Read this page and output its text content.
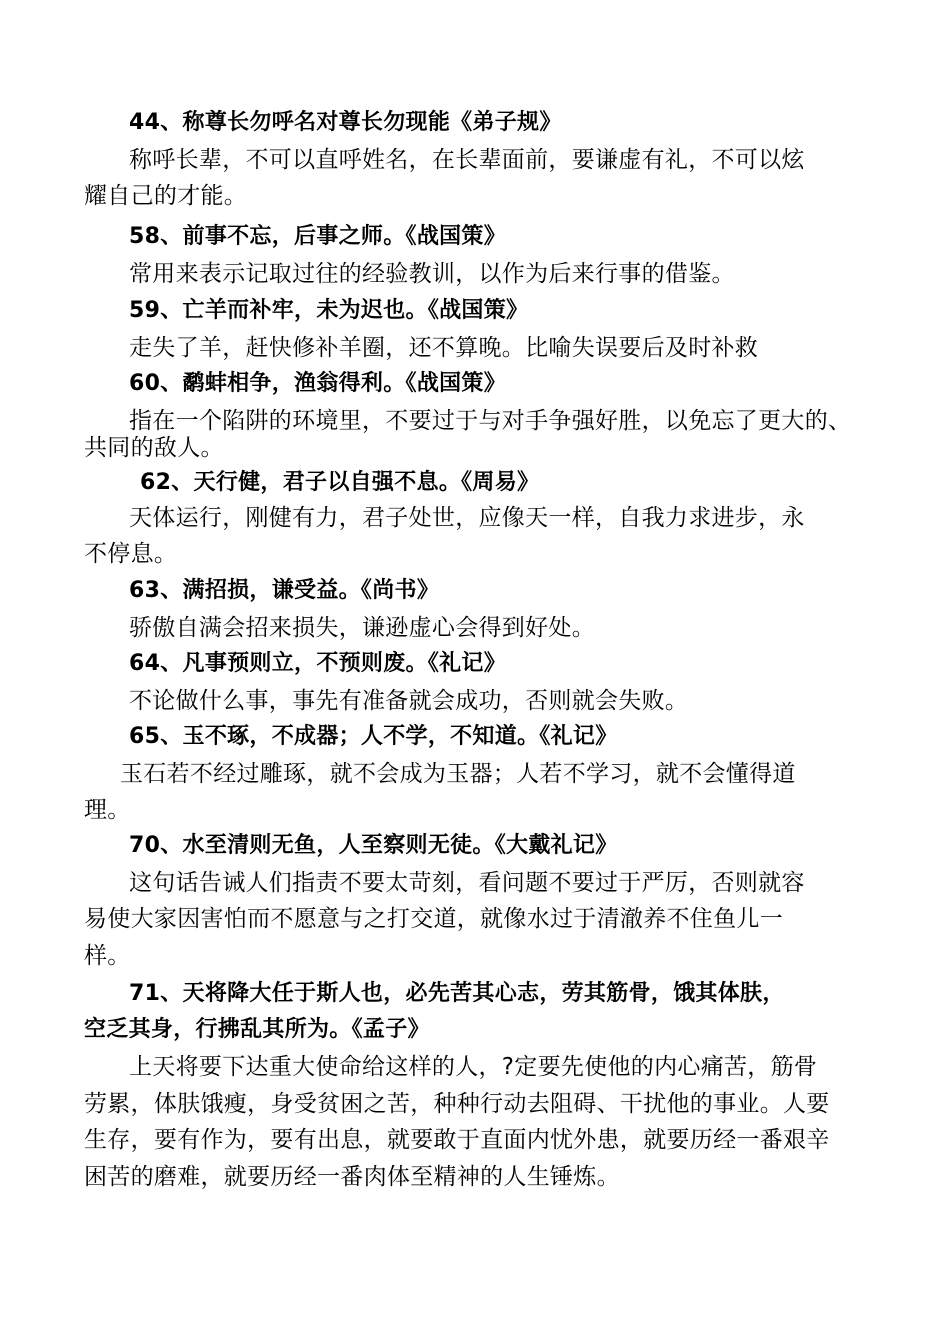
44、称尊长勿呼名对尊长勿现能《弟子规》
称呼长辈，不可以直呼姓名，在长辈面前，要谦虚有礼，不可以炫
耀自己的才能。
58、前事不忘，后事之师。《战国策》
常用来表示记取过往的经验教训，以作为后来行事的借鉴。
59、亡羊而补牢，未为迟也。《战国策》
走失了羊，赶快修补羊圈，还不算晚。比喻失误要后及时补救
60、鹬蚌相争，渔翁得利。《战国策》
指在一个陷阱的环境里，不要过于与对手争强好胜，以免忘了更大的、
共同的敌人。
62、天行健，君子以自强不息。《周易》
天体运行，刚健有力，君子处世，应像天一样，自我力求进步，永
不停息。
63、满招损，谦受益。《尚书》
骄傲自满会招来损失，谦逊虚心会得到好处。
64、凡事预则立，不预则废。《礼记》
不论做什么事，事先有准备就会成功，否则就会失败。
65、玉不琢，不成器；人不学，不知道。《礼记》
玉石若不经过雕琢，就不会成为玉器；人若不学习，就不会懂得道
理。
70、水至清则无鱼，人至察则无徒。《大戴礼记》
这句话告诫人们指责不要太苛刻，看问题不要过于严厉，否则就容
易使大家因害怕而不愿意与之打交道，就像水过于清澈养不住鱼儿一
样。
71、天将降大任于斯人也，必先苦其心志，劳其筋骨，饿其体肤，
空乏其身，行拂乱其所为。《孟子》
上天将要下达重大使命给这样的人，?定要先使他的内心痛苦，筋骨
劳累，体肤饿瘦，身受贫困之苦，种种行动去阻碍、干扰他的事业。人要
生存，要有作为，要有出息，就要敢于直面内忧外患，就要历经一番艰辛
困苦的磨难，就要历经一番肉体至精神的人生锤炼。
